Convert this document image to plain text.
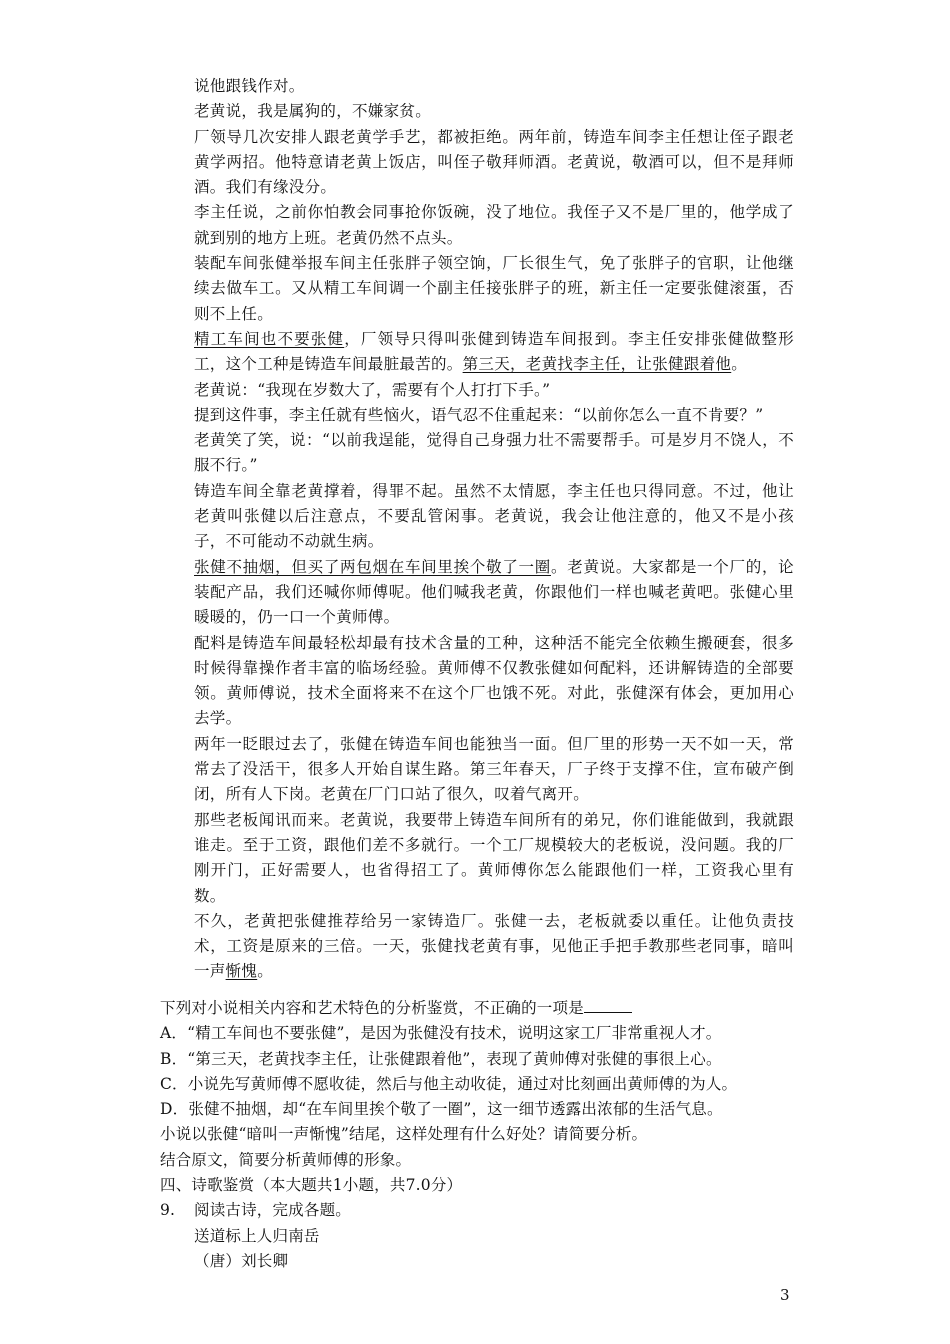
说他跟钱作对。

老黄说，我是属狗的，不嫌家贫。

厂领导几次安排人跟老黄学手艺，都被拒绝。两年前，铸造车间李主任想让侄子跟老黄学两招。他特意请老黄上饭店，叫侄子敬拜师酒。老黄说，敬酒可以，但不是拜师酒。我们有缘没分。

李主任说，之前你怕教会同事抢你饭碗，没了地位。我侄子又不是厂里的，他学成了就到别的地方上班。老黄仍然不点头。

装配车间张健举报车间主任张胖子领空饷，厂长很生气，免了张胖子的官职，让他继续去做车工。又从精工车间调一个副主任接张胖子的班，新主任一定要张健滚蛋，否则不上任。

精工车间也不要张健，厂领导只得叫张健到铸造车间报到。李主任安排张健做整形工，这个工种是铸造车间最脏最苦的。第三天，老黄找李主任，让张健跟着他。

老黄说：“我现在岁数大了，需要有个人打打下手。”

提到这件事，李主任就有些恼火，语气忍不住重起来：“以前你怎么一直不肯要？”

老黄笑了笑，说：“以前我逞能，觉得自己身强力壮不需要帮手。可是岁月不饶人，不服不行。”

铸造车间全靠老黄撑着，得罪不起。虽然不太情愿，李主任也只得同意。不过，他让老黄叫张健以后注意点，不要乱管闲事。老黄说，我会让他注意的，他又不是小孩子，不可能动不动就生病。

张健不抽烟，但买了两包烟在车间里挨个敬了一圈。老黄说。大家都是一个厂的，论装配产品，我们还喊你师傅呢。他们喊我老黄，你跟他们一样也喊老黄吧。张健心里暖暖的，仍一口一个黄师傅。

配料是铸造车间最轻松却最有技术含量的工种，这种活不能完全依赖生搬硬套，很多时候得靠操作者丰富的临场经验。黄师傅不仅教张健如何配料，还讲解铸造的全部要领。黄师傅说，技术全面将来不在这个厂也饿不死。对此，张健深有体会，更加用心去学。

两年一眨眼过去了，张健在铸造车间也能独当一面。但厂里的形势一天不如一天，常常去了没活干，很多人开始自谋生路。第三年春天，厂子终于支撑不住，宣布破产倒闭，所有人下岗。老黄在厂门口站了很久，叹着气离开。

那些老板闻讯而来。老黄说，我要带上铸造车间所有的弟兄，你们谁能做到，我就跟谁走。至于工资，跟他们差不多就行。一个工厂规模较大的老板说，没问题。我的厂刚开门，正好需要人，也省得招工了。黄师傅你怎么能跟他们一样，工资我心里有数。

不久，老黄把张健推荐给另一家铸造厂。张健一去，老板就委以重任。让他负责技术，工资是原来的三倍。一天，张健找老黄有事，见他正手把手教那些老同事，暗叫一声惭愧。

下列对小说相关内容和艺术特色的分析鉴赏，不正确的一项是

A．“精工车间也不要张健”，是因为张健没有技术，说明这家工厂非常重视人才。

B．“第三天，老黄找李主任，让张健跟着他”，表现了黄帅傅对张健的事很上心。

C．小说先写黄师傅不愿收徒，然后与他主动收徒，通过对比刻画出黄师傅的为人。

D．张健不抽烟，却“在车间里挨个敬了一圈”，这一细节透露出浓郁的生活气息。

小说以张健“暗叫一声惭愧”结尾，这样处理有什么好处？请简要分析。

结合原文，简要分析黄师傅的形象。

四、诗歌鉴赏（本大题共1小题，共7.0分）

9. 阅读古诗，完成各题。

送道标上人归南岳

（唐）刘长卿

3
